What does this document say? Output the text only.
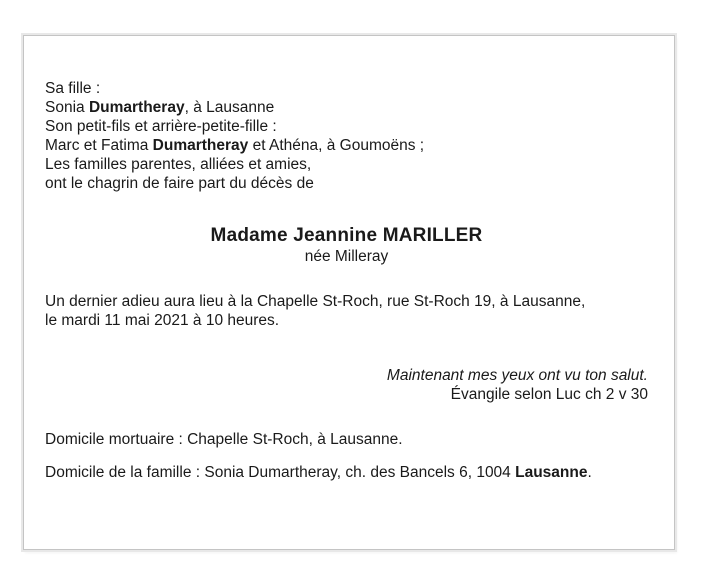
Sa fille :
Sonia Dumartheray, à Lausanne
Son petit-fils et arrière-petite-fille :
Marc et Fatima Dumartheray et Athéna, à Goumoëns ;
Les familles parentes, alliées et amies,
ont le chagrin de faire part du décès de
Madame Jeannine MARILLER
née Milleray
Un dernier adieu aura lieu à la Chapelle St-Roch, rue St-Roch 19, à Lausanne,
le mardi 11 mai 2021 à 10 heures.
Maintenant mes yeux ont vu ton salut.
Évangile selon Luc ch 2 v 30
Domicile mortuaire : Chapelle St-Roch, à Lausanne.
Domicile de la famille : Sonia Dumartheray, ch. des Bancels 6, 1004 Lausanne.
